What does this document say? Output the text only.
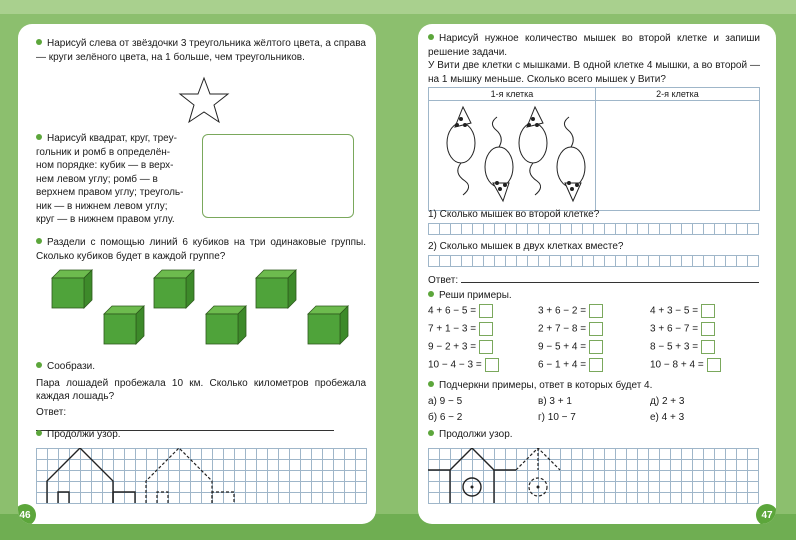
Нарисуй слева от звёздочки 3 треугольника жёлтого цвета, а справа — круги зелёного цвета, на 1 больше, чем треугольников.
Нарисуй квадрат, круг, треу-
гольник и ромб в определён-
ном порядке: кубик — в верх-
нем левом углу; ромб — в
верхнем правом углу; треуголь-
ник — в нижнем левом углу;
круг — в нижнем правом углу.
Раздели с помощью линий 6 кубиков на три одинаковые группы. Сколько кубиков будет в каждой группе?
Сообрази.
Пара лошадей пробежала 10 км. Сколько километров пробежала каждая лошадь?
Ответ:
Продолжи узор.
46
Нарисуй нужное количество мышек во второй клетке и запиши решение задачи.
У Вити две клетки с мышками. В одной клетке 4 мышки, а во второй — на 1 мышку меньше. Сколько всего мышек у Вити?
1-я клетка	2-я клетка

1) Сколько мышек во второй клетке?
2) Сколько мышек в двух клетках вместе?
Ответ:
Реши примеры.
4 + 6 − 5 =	3 + 6 − 2 =	4 + 3 − 5 =
7 + 1 − 3 =	2 + 7 − 8 =	3 + 6 − 7 =
9 − 2 + 3 =	9 − 5 + 4 =	8 − 5 + 3 =
10 − 4 − 3 =	6 − 1 + 4 =	10 − 8 + 4 =
Подчеркни примеры, ответ в которых будет 4.
а) 9 − 5	в) 3 + 1	д) 2 + 3
б) 6 − 2	г) 10 − 7	е) 4 + 3
Продолжи узор.
47
